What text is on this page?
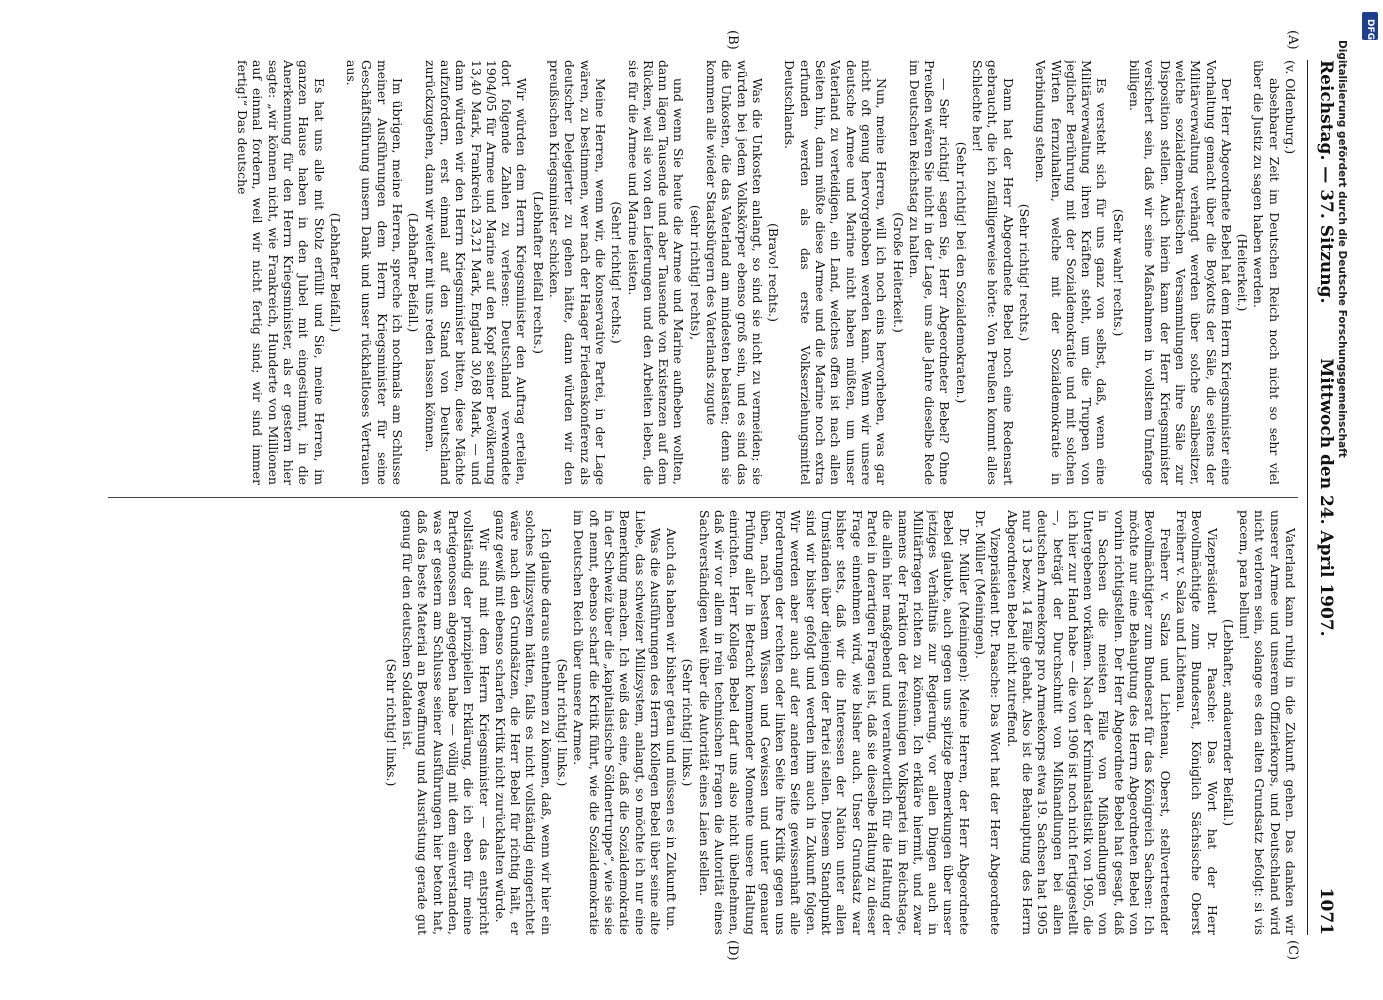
Reichstag. — 37. Sitzung.
Mittwoch den 24. April 1907.
1071

(v. Oldenburg.)

absehbarer Zeit im Deutschen Reich noch nicht so sehr viel über die Justiz zu sagen haben werden.

(Heiterkeit.)

Der Herr Abgeordnete Bebel hat dem Herrn Kriegsminister eine Vorhaltung gemacht über die Boykotts der Säle, die seitens der Militärverwaltung verhängt werden über solche Saalbesitzer, welche sozialdemokratischen Versammlungen ihre Säle zur Disposition stellen. Auch hierin kann der Herr Kriegsminister versichert sein, daß wir seine Maßnahmen in vollstem Umfange billigen.

(Sehr wahr! rechts.)

Es versteht sich für uns ganz von selbst, daß, wenn eine Militärverwaltung ihren Kräften steht, um die Truppen von jeglicher Berührung mit der Sozialdemokratie und mit solchen Wirten fernzuhalten, welche mit der Sozialdemokratie in Verbindung stehen.

(Sehr richtig! rechts.)

Dann hat der Herr Abgeordnete Bebel noch eine Redensart gebraucht, die ich zufälligerweise hörte: Von Preußen kommt alles Schlechte her!

(Sehr richtig! bei den Sozialdemokraten.)

— Sehr richtig! sagen Sie, Herr Abgeordneter Bebel? Ohne Preußen wären Sie nicht in der Lage, uns alle Jahre dieselbe Rede im Deutschen Reichstag zu halten.

(Große Heiterkeit.)

Nun, meine Herren, will ich noch eins hervorheben, was gar nicht oft genug hervorgehoben werden kann. Wenn wir unsere deutsche Armee und Marine nicht haben müßten, um unser Vaterland zu verteidigen, ein Land, welches offen ist nach allen Seiten hin, dann müßte diese Armee und die Marine noch extra erfunden werden als das erste Volkserziehungsmittel Deutschlands.

(Bravo! rechts.)

Was die Unkosten anlangt, so sind sie nicht zu vermeiden; sie würden bei jedem Volkskörper ebenso groß sein, und es sind das die Unkosten, die das Vaterland am mindesten belasten; denn sie kommen alle wieder Staatsbürgern des Vaterlands zugute

(sehr richtig! rechts),

und wenn Sie heute die Armee und Marine aufheben wollten, dann lägen Tausende und aber Tausende von Existenzen auf dem Rücken, weil sie von den Lieferungen und den Arbeiten leben, die sie für die Armee und Marine leisten.

(Sehr! richtig! rechts.)

Meine Herren, wenn wir, die konservative Partei, in der Lage wären, zu bestimmen, wer nach der Haager Friedenskonferenz als deutscher Delegierter zu gehen hätte, dann würden wir den preußischen Kriegsminister schicken.

(Lebhafter Beifall rechts.)

Wir würden dem Herrn Kriegsminister den Auftrag erteilen, dort folgende Zahlen zu verlesen: Deutschland verwendete 1904/05 für Armee und Marine auf den Kopf seiner Bevölkerung 13,40 Mark, Frankreich 23,21 Mark, England 30,68 Mark, — und dann würden wir den Herrn Kriegsminister bitten, diese Mächte aufzufordern, erst einmal auf den Stand von Deutschland zurückzugehen, dann wir weiter mit uns reden lassen können.

(Lebhafter Beifall.)

Im übrigen, meine Herren, spreche ich nochmals am Schlusse meiner Ausführungen dem Herrn Kriegsminister für seine Geschäftsführung unsern Dank und unser rückhaltloses Vertrauen aus.

(Lebhafter Beifall.)

Es hat uns alle mit Stolz erfüllt und Sie, meine Herren, im ganzen Hause haben in den Jubel mit eingestimmt, in die Anerkennung für den Herrn Kriegsminister, als er gestern hier sagte: „wir können nicht, wie Frankreich, Hunderte von Millionen auf einmal fordern, weil wir nicht fertig sind; wir sind immer fertig!“ Das deutsche

Vaterland kann ruhig in die Zukunft gehen. Das danken wir unserer Armee und unserem Offizierkorps, und Deutschland wird nicht verloren sein, solange es den alten Grundsatz befolgt: si vis pacem, para bellum!

(Lebhafter, andauernder Beifall.)

Vizepräsident Dr. Paasche: Das Wort hat der Herr Bevollmächtigte zum Bundesrat, Königlich Sächsische Oberst Freiherr v. Salza und Lichtenau.

Freiherr v. Salza und Lichtenau, Oberst, stellvertretender Bevollmächtigter zum Bundesrat für das Königreich Sachsen: Ich möchte nur eine Behauptung des Herrn Abgeordneten Bebel von vorhin richtigstellen. Der Herr Abgeordnete Bebel hat gesagt, daß in Sachsen die meisten Fälle von Mißhandlungen von Untergebenen vorkämen. Nach der Kriminalstatistik von 1905, die ich hier zur Hand habe — die von 1906 ist noch nicht fertiggestellt —, beträgt der Durchschnitt von Mißhandlungen bei allen deutschen Armeekorps pro Armeekorps etwa 19. Sachsen hat 1905 nur 13 bezw. 14 Fälle gehabt. Also ist die Behauptung des Herrn Abgeordneten Bebel nicht zutreffend.

Vizepräsident Dr. Paasche: Das Wort hat der Herr Abgeordnete Dr. Müller (Meiningen).

Dr. Müller (Meiningen): Meine Herren, der Herr Abgeordnete Bebel glaubte, auch gegen uns spitzige Bemerkungen über unser jetziges Verhältnis zur Regierung, vor allen Dingen auch in Militärfragen richten zu können. Ich erkläre hiermit, und zwar namens der Fraktion der freisinnigen Volkspartei im Reichstage, die allein hier maßgebend und verantwortlich für die Haltung der Partei in derartigen Fragen ist, daß sie dieselbe Haltung zu dieser Frage einnehmen wird, wie bisher auch. Unser Grundsatz war bisher stets, daß wir die Interessen der Nation unter allen Umständen über diejenigen der Partei stellen. Diesem Standpunkt sind wir bisher gefolgt und werden ihm auch in Zukunft folgen. Wir werden aber auch auf der anderen Seite gewissenhaft alle Forderungen der rechten oder linken Seite ihre Kritik gegen uns üben, nach bestem Wissen und Gewissen und unter genauer Prüfung aller in Betracht kommender Momente unsere Haltung einrichten. Herr Kollega Bebel darf uns also nicht übelnehmen, daß wir vor allem in rein technischen Fragen die Autorität eines Sachverständigen weit über die Autorität eines Laien stellen.

(Sehr richtig! links.)

Auch das haben wir bisher getan und müssen es in Zukunft tun.

Was die Ausführungen des Herrn Kollegen Bebel über seine alte Liebe, das schweizer Milizsystem, anlangt, so möchte ich nur eine Bemerkung machen. Ich weiß das eine, daß die Sozialdemokratie in der Schweiz über die „kapitalistische Söldnertruppe“, wie sie sie oft nennt, ebenso scharf die Kritik führt, wie die Sozialdemokratie im Deutschen Reich über unsere Armee.

(Sehr richtig! links.)

Ich glaube daraus entnehmen zu können, daß, wenn wir hier ein solches Milizsystem hätten, falls es nicht vollständig eingerichtet wäre nach den Grundsätzen, die Herr Bebel für richtig hält, er ganz gewiß mit ebenso scharfen Kritik nicht zurückhalten würde.

Wir sind mit dem Herrn Kriegsminister — das entspricht vollständig der prinzipiellen Erklärung, die ich eben für meine Parteigenossen abgegeben habe — völlig mit dem einverstanden, was er gestern am Schlusse seiner Ausführungen hier betont hat, daß das beste Material an Bewaffnung und Ausrüstung gerade gut genug für den deutschen Soldaten ist.

(Sehr richtig! links.)

(A)
(B)
(C)
(D)
DFG
Digitalisierung gefördert durch die Deutsche Forschungsgemeinschaft
